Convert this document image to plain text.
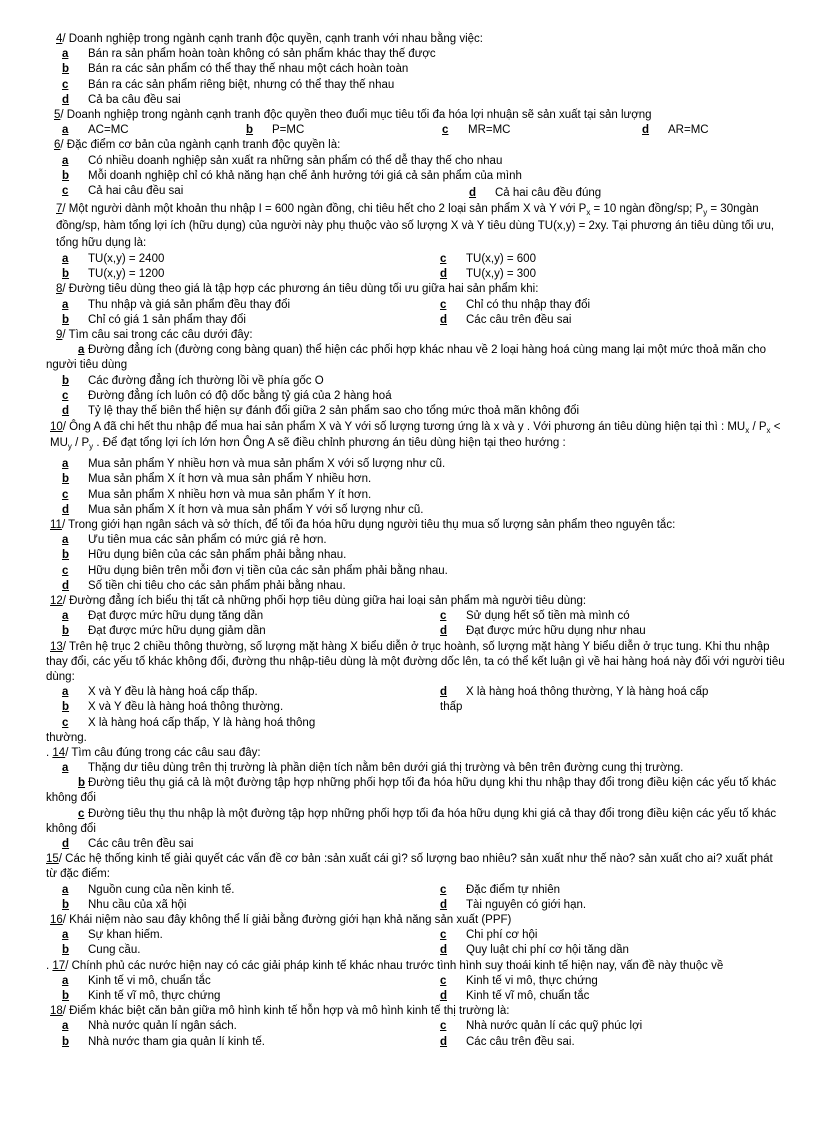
4/ Doanh nghiệp trong ngành cạnh tranh độc quyền, cạnh tranh với nhau bằng việc:
a Bán ra sản phẩm hoàn toàn không có sản phẩm khác thay thế được
b Bán ra các sản phẩm có thể thay thế nhau một cách hoàn toàn
c Bán ra các sản phẩm riêng biệt, nhưng có thể thay thế nhau
d Cả ba câu đều sai
5/ Doanh nghiệp trong ngành cạnh tranh độc quyền theo đuổi mục tiêu tối đa hóa lợi nhuận sẽ sản xuất tại sản lượng
a AC=MC	b P=MC	c MR=MC	d AR=MC
6/ Đặc điểm cơ bản của ngành cạnh tranh độc quyền là:
a Có nhiều doanh nghiệp sản xuất ra những sản phẩm có thể dễ thay thế cho nhau
b Mỗi doanh nghiệp chỉ có khả năng hạn chế ảnh hưởng tới giá cả sản phẩm của mình
c Cả hai câu đều sai	d Cả hai câu đều đúng
7/ Một người dành một khoản thu nhập I = 600 ngàn đồng, chi tiêu hết cho 2 loại sản phẩm X và Y với $P_x = 10$ ngàn đồng/sp; $P_y$ = 30ngàn đồng/sp, hàm tổng lợi ích (hữu dụng) của người này phụ thuộc vào số lượng X và Y tiêu dùng TU(x,y) = 2xy. Tại phương án tiêu dùng tối ưu, tổng hữu dụng là:
a TU(x,y) = 2400	c TU(x,y) = 600
b TU(x,y) = 1200	d TU(x,y) = 300
8/ Đường tiêu dùng theo giá là tập hợp các phương án tiêu dùng tối ưu giữa hai sản phẩm khi:
a Thu nhập và giá sản phẩm đều thay đổi	c Chỉ có thu nhập thay đổi
b Chỉ có giá 1 sản phẩm thay đổi	d Các câu trên đều sai
9/ Tìm câu sai trong các câu dưới đây:
a Đường đẳng ích (đường cong bàng quan) thể hiện các phối hợp khác nhau về 2 loại hàng hoá cùng mang lại một mức thoả mãn cho người tiêu dùng
b Các đường đẳng ích thường lồi về phía gốc O
c Đường đẳng ích luôn có độ dốc bằng tỷ giá của 2 hàng hoá
d Tỷ lệ thay thế biên thể hiện sự đánh đổi giữa 2 sản phẩm sao cho tổng mức thoả mãn không đổi
10/ Ông A đã chi hết thu nhập để mua hai sản phẩm X và Y với số lượng tương ứng là x và y . Với phương án tiêu dùng hiện tại thì : $MU_x / P_x < MU_y / P_y$ . Để đạt tổng lợi ích lớn hơn Ông A sẽ điều chỉnh phương án tiêu dùng hiện tại theo hướng :
a Mua sản phẩm Y nhiều hơn và mua sản phẩm X với số lượng như cũ.
b Mua sản phẩm X ít hơn và mua sản phẩm Y nhiều hơn.
c Mua sản phẩm X nhiều hơn và mua sản phẩm Y ít hơn.
d Mua sản phẩm X ít hơn và mua sản phẩm Y với số lượng như cũ.
11/ Trong giới hạn ngân sách và sở thích, để tối đa hóa hữu dụng người tiêu thụ mua số lượng sản phẩm theo nguyên tắc:
a Ưu tiên mua các sản phẩm có mức giá rẻ hơn.
b Hữu dụng biên của các sản phẩm phải bằng nhau.
c Hữu dụng biên trên mỗi đơn vị tiền của các sản phẩm phải bằng nhau.
d Số tiền chi tiêu cho các sản phẩm phải bằng nhau.
12/ Đường đẳng ích biểu thị tất cả những phối hợp tiêu dùng giữa hai loại sản phẩm mà người tiêu dùng:
a Đạt được mức hữu dụng tăng dần	c Sử dụng hết số tiền mà mình có
b Đạt được mức hữu dụng giảm dần	d Đạt được mức hữu dụng như nhau
13/ Trên hệ trục 2 chiều thông thường, số lượng mặt hàng X biểu diễn ở trục hoành, số lượng mặt hàng Y biểu diễn ở trục tung. Khi thu nhập thay đổi, các yếu tố khác không đổi, đường thu nhập-tiêu dùng là một đường dốc lên, ta có thể kết luận gì về hai hàng hoá này đối với người tiêu dùng:
a X và Y đều là hàng hoá cấp thấp.	d X là hàng hoá thông thường, Y là hàng hoá cấp
b X và Y đều là hàng hoá thông thường.	thấp
c X là hàng hoá cấp thấp, Y là hàng hoá thông
thường.
. 14/ Tìm câu đúng trong các câu sau đây:
a Thặng dư tiêu dùng trên thị trường là phần diện tích nằm bên dưới giá thị trường và bên trên đường cung thị trường.
b Đường tiêu thụ giá cả là một đường tập hợp những phối hợp tối đa hóa hữu dụng khi thu nhập thay đổi trong điều kiện các yếu tố khác không đổi
c Đường tiêu thụ thu nhập là một đường tập hợp những phối hợp tối đa hóa hữu dụng khi giá cả thay đổi trong điều kiện các yếu tố khác không đổi
d Các câu trên đều sai
15/ Các hệ thống kinh tế giải quyết các vấn đề cơ bản :sản xuất cái gì? số lượng bao nhiêu? sản xuất như thế nào? sản xuất cho ai? xuất phát từ đặc điểm:
a Nguồn cung của nền kinh tế.	c Đặc điểm tự nhiên
b Nhu cầu của xã hội	d Tài nguyên có giới hạn.
16/ Khái niệm nào sau đây không thể lí giải bằng đường giới hạn khả năng sản xuất (PPF)
a Sự khan hiếm.	c Chi phí cơ hội
b Cung cầu.	d Quy luật chi phí cơ hội tăng dần
. 17/ Chính phủ các nước hiện nay có các giải pháp kinh tế khác nhau trước tình hình suy thoái kinh tế hiện nay, vấn đề này thuộc về
a Kinh tế vi mô, chuẩn tắc	c Kinh tế vi mô, thực chứng
b Kinh tế vĩ mô, thực chứng	d Kinh tế vĩ mô, chuẩn tắc
18/ Điểm khác biệt căn bản giữa mô hình kinh tế hỗn hợp và mô hình kinh tế thị trường là:
a Nhà nước quản lí ngân sách.	c Nhà nước quản lí các quỹ phúc lợi
b Nhà nước tham gia quản lí kinh tế.	d Các câu trên đều sai.
